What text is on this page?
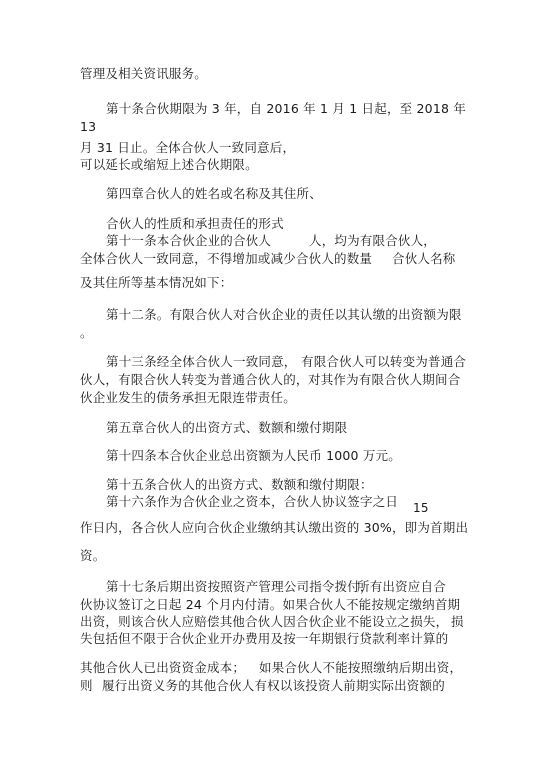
管理及相关资讯服务。
第十条合伙期限为 3 年，自 2016 年 1 月 1 日起，至 2018 年
13
月 31 日止。全体合伙人一致同意后，
可以延长或缩短上述合伙期限。
第四章合伙人的姓名或名称及其住所、
合伙人的性质和承担责任的形式
第十一条本合伙企业的合伙人	人，均为有限合伙人，
全体合伙人一致同意，不得增加或减少合伙人的数量 合伙人名称
及其住所等基本情况如下：
第十二条。有限合伙人对合伙企业的责任以其认缴的出资额为限
。
第十三条经全体合伙人一致同意， 有限合伙人可以转变为普通合
伙人，有限合伙人转变为普通合伙人的， 对其作为有限合伙人期间合
伙企业发生的债务承担无限连带责任。
第五章合伙人的出资方式、数额和缴付期限
第十四条本合伙企业总出资额为人民币 1000 万元。
第十五条合伙人的出资方式、数额和缴付期限：
第十六条作为合伙企业之资本，合伙人协议签字之日 15
作日内，各合伙人应向合伙企业缴纳其认缴出资的 30%，即为首期出
资。
第十七条后期出资按照资产管理公司指令拨付，
所有出资应自合
伙协议签订之日起 24 个月内付清。如果合伙人不能按规定缴纳首期
出资，则该合伙人应赔偿其他合伙人因合伙企业不能设立之损失， 损
失包括但不限于合伙企业开办费用及按一年期银行贷款利率计算的
其他合伙人已出资资金成本； 如果合伙人不能按照缴纳后期出资，
则 履行出资义务的其他合伙人有权以该投资人前期实际出资额的
